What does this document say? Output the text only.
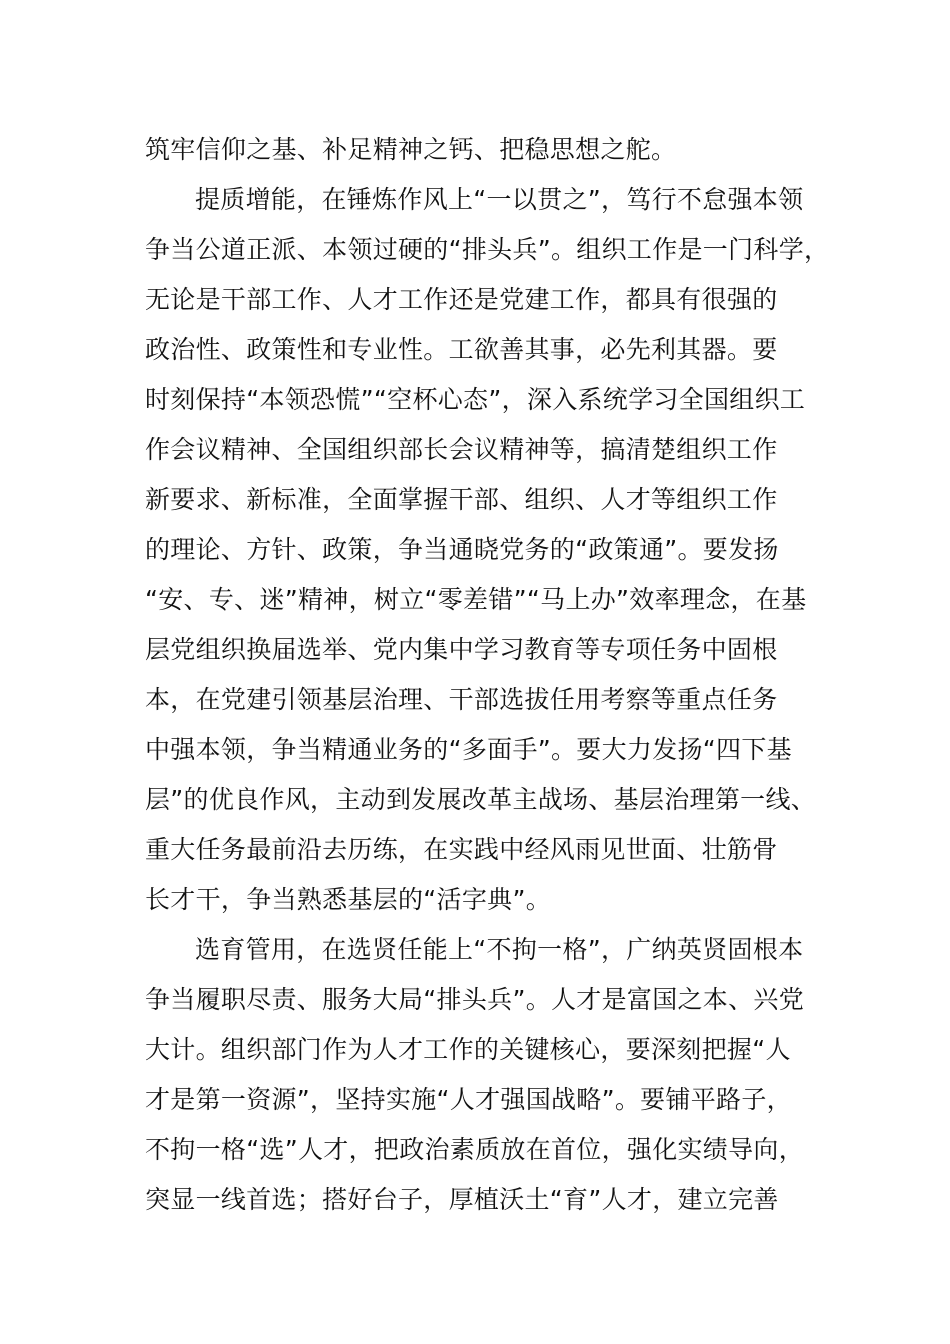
筑牢信仰之基、补足精神之钙、把稳思想之舵。
提质增能，在锤炼作风上“一以贯之”，笃行不怠强本领
争当公道正派、本领过硬的“排头兵”。组织工作是一门科学，
无论是干部工作、人才工作还是党建工作，都具有很强的
政治性、政策性和专业性。工欲善其事，必先利其器。要
时刻保持“本领恐慌”“空杯心态”，深入系统学习全国组织工
作会议精神、全国组织部长会议精神等，搞清楚组织工作
新要求、新标准，全面掌握干部、组织、人才等组织工作
的理论、方针、政策，争当通晓党务的“政策通”。要发扬
“安、专、迷”精神，树立“零差错”“马上办”效率理念，在基
层党组织换届选举、党内集中学习教育等专项任务中固根
本，在党建引领基层治理、干部选拔任用考察等重点任务
中强本领，争当精通业务的“多面手”。要大力发扬“四下基
层”的优良作风，主动到发展改革主战场、基层治理第一线、
重大任务最前沿去历练，在实践中经风雨见世面、壮筋骨
长才干，争当熟悉基层的“活字典”。
选育管用，在选贤任能上“不拘一格”，广纳英贤固根本
争当履职尽责、服务大局“排头兵”。人才是富国之本、兴党
大计。组织部门作为人才工作的关键核心，要深刻把握“人
才是第一资源”，坚持实施“人才强国战略”。要铺平路子，
不拘一格“选”人才，把政治素质放在首位，强化实绩导向，
突显一线首选；搭好台子，厚植沃土“育”人才，建立完善
